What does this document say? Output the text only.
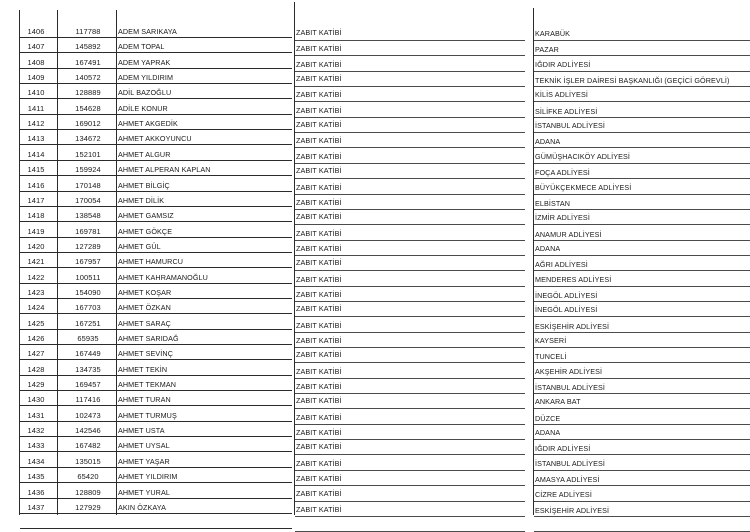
1406	117788	ADEM SARIKAYA	ZABIT KATİBİ	KARABÜK
1407	145892	ADEM TOPAL	ZABIT KATİBİ	PAZAR
1408	167491	ADEM YAPRAK	ZABIT KATİBİ	IĞDIR ADLİYESİ
1409	140572	ADEM YILDIRIM	ZABIT KATİBİ	TEKNİK İŞLER DAİRESİ BAŞKANLIĞI (GEÇİCİ GÖREVLİ)
1410	128889	ADİL BAZOĞLU	ZABIT KATİBİ	KİLİS ADLİYESİ
1411	154628	ADİLE KONUR	ZABIT KATİBİ	SİLİFKE ADLİYESİ
1412	169012	AHMET AKGEDİK	ZABIT KATİBİ	İSTANBUL ADLİYESİ
1413	134672	AHMET AKKOYUNCU	ZABIT KATİBİ	ADANA
1414	152101	AHMET ALGUR	ZABIT KATİBİ	GÜMÜŞHACIKÖY ADLİYESİ
1415	159924	AHMET ALPERAN KAPLAN	ZABIT KATİBİ	FOÇA ADLİYESİ
1416	170148	AHMET BİLGİÇ	ZABIT KATİBİ	BÜYÜKÇEKMECE ADLİYESİ
1417	170054	AHMET DİLİK	ZABIT KATİBİ	ELBİSTAN
1418	138548	AHMET GAMSIZ	ZABIT KATİBİ	İZMİR ADLİYESİ
1419	169781	AHMET GÖKÇE	ZABIT KATİBİ	ANAMUR ADLİYESİ
1420	127289	AHMET GÜL	ZABIT KATİBİ	ADANA
1421	167957	AHMET HAMURCU	ZABIT KATİBİ	AĞRI ADLİYESİ
1422	100511	AHMET KAHRAMANOĞLU	ZABIT KATİBİ	MENDERES ADLİYESİ
1423	154090	AHMET KOŞAR	ZABIT KATİBİ	İNEGÖL ADLİYESİ
1424	167703	AHMET ÖZKAN	ZABIT KATİBİ	İNEGÖL ADLİYESİ
1425	167251	AHMET SARAÇ	ZABIT KATİBİ	ESKİŞEHİR ADLİYESİ
1426	65935	AHMET SARIDAĞ	ZABIT KATİBİ	KAYSERİ
1427	167449	AHMET SEVİNÇ	ZABIT KATİBİ	TUNCELİ
1428	134735	AHMET TEKİN	ZABIT KATİBİ	AKŞEHİR ADLİYESİ
1429	169457	AHMET TEKMAN	ZABIT KATİBİ	İSTANBUL ADLİYESİ
1430	117416	AHMET TURAN	ZABIT KATİBİ	ANKARA BAT
1431	102473	AHMET TURMUŞ	ZABIT KATİBİ	DÜZCE
1432	142546	AHMET USTA	ZABIT KATİBİ	ADANA
1433	167482	AHMET UYSAL	ZABIT KATİBİ	IĞDIR ADLİYESİ
1434	135015	AHMET YAŞAR	ZABIT KATİBİ	İSTANBUL ADLİYESİ
1435	65420	AHMET YILDIRIM	ZABIT KATİBİ	AMASYA ADLİYESİ
1436	128809	AHMET YURAL	ZABIT KATİBİ	CİZRE ADLİYESİ
1437	127929	AKIN ÖZKAYA	ZABIT KATİBİ	ESKİŞEHİR ADLİYESİ
